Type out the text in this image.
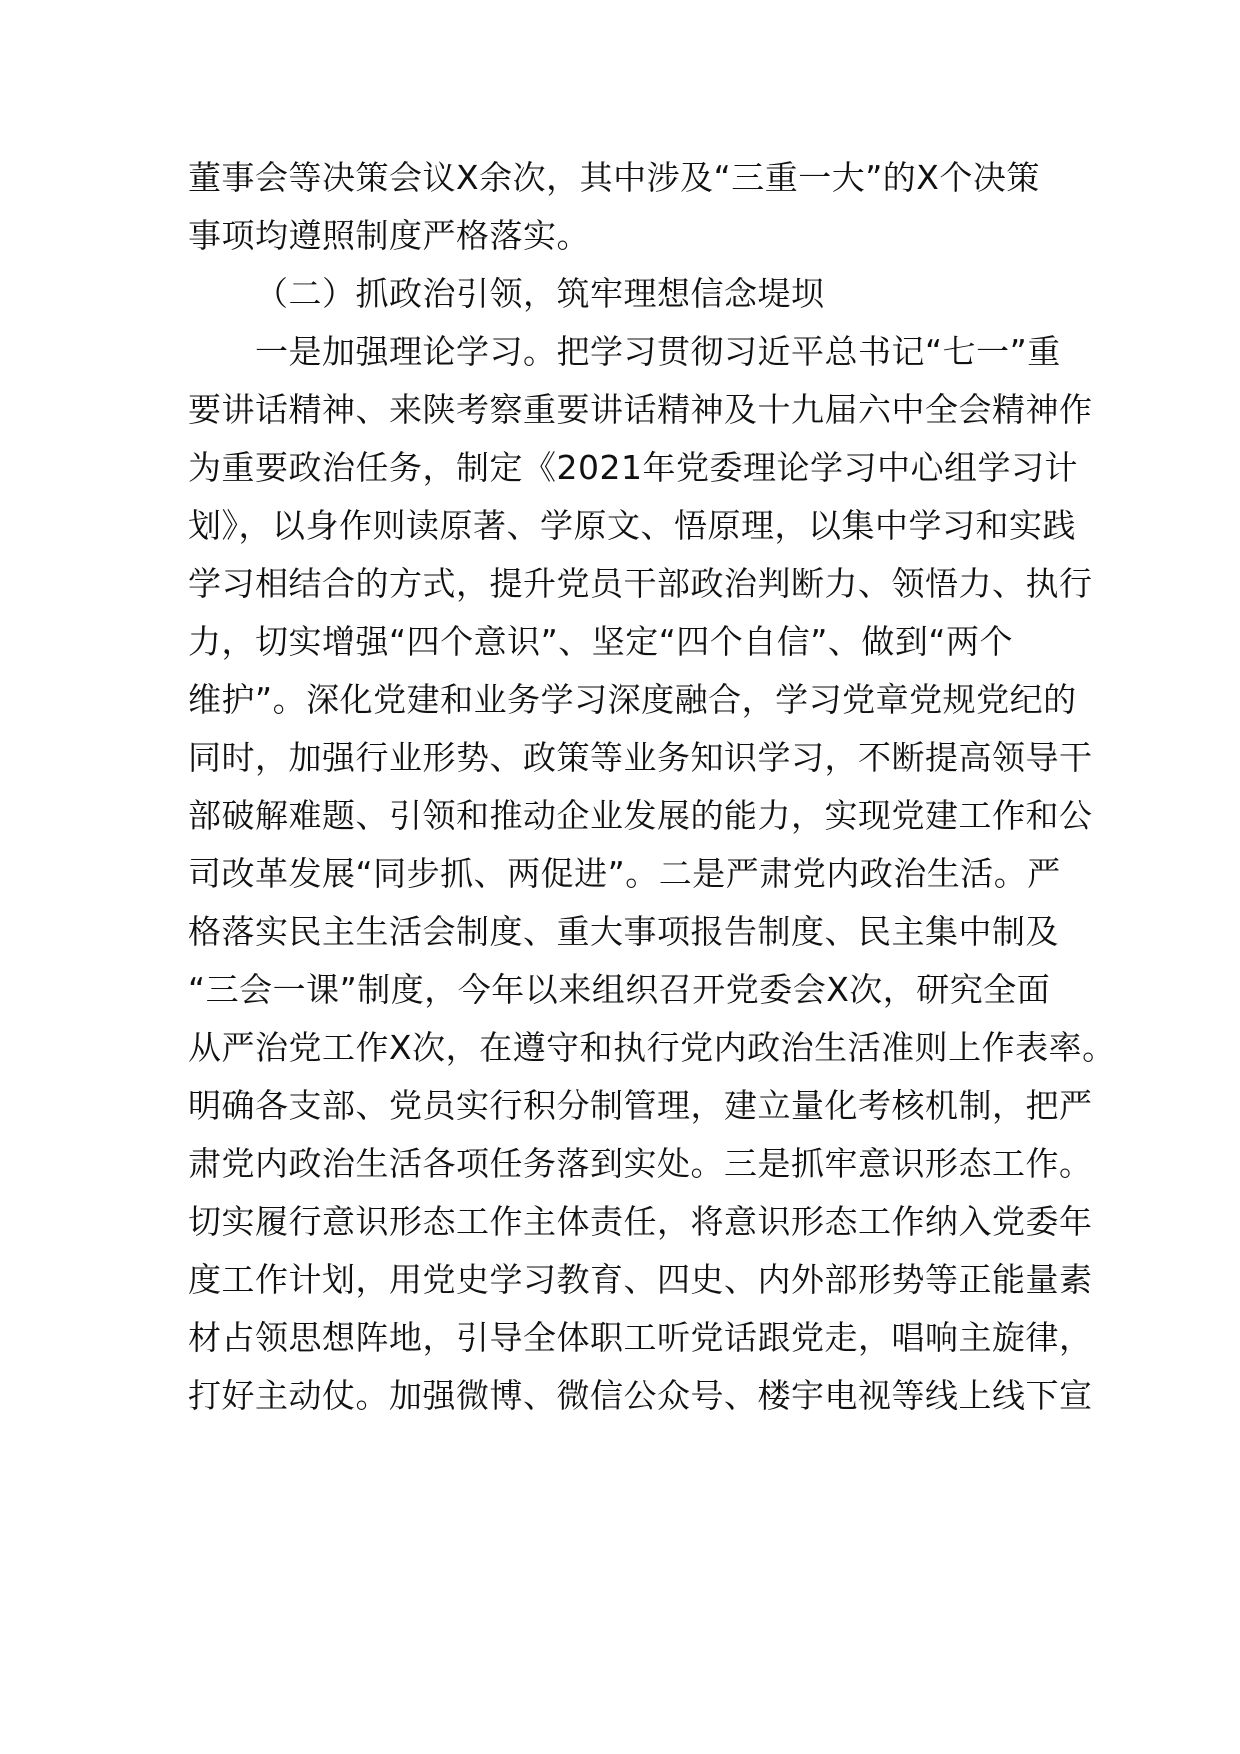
董事会等决策会议X余次，其中涉及“三重一大”的X个决策
事项均遵照制度严格落实。
（二）抓政治引领，筑牢理想信念堤坝
一是加强理论学习。把学习贯彻习近平总书记“七一”重
要讲话精神、来陕考察重要讲话精神及十九届六中全会精神作
为重要政治任务，制定《2021年党委理论学习中心组学习计
划》，以身作则读原著、学原文、悟原理，以集中学习和实践
学习相结合的方式，提升党员干部政治判断力、领悟力、执行
力，切实增强“四个意识”、坚定“四个自信”、做到“两个
维护”。深化党建和业务学习深度融合，学习党章党规党纪的
同时，加强行业形势、政策等业务知识学习，不断提高领导干
部破解难题、引领和推动企业发展的能力，实现党建工作和公
司改革发展“同步抓、两促进”。二是严肃党内政治生活。严
格落实民主生活会制度、重大事项报告制度、民主集中制及
“三会一课”制度，今年以来组织召开党委会X次，研究全面
从严治党工作X次，在遵守和执行党内政治生活准则上作表率。
明确各支部、党员实行积分制管理，建立量化考核机制，把严
肃党内政治生活各项任务落到实处。三是抓牢意识形态工作。
切实履行意识形态工作主体责任，将意识形态工作纳入党委年
度工作计划，用党史学习教育、四史、内外部形势等正能量素
材占领思想阵地，引导全体职工听党话跟党走，唱响主旋律，
打好主动仗。加强微博、微信公众号、楼宇电视等线上线下宣
